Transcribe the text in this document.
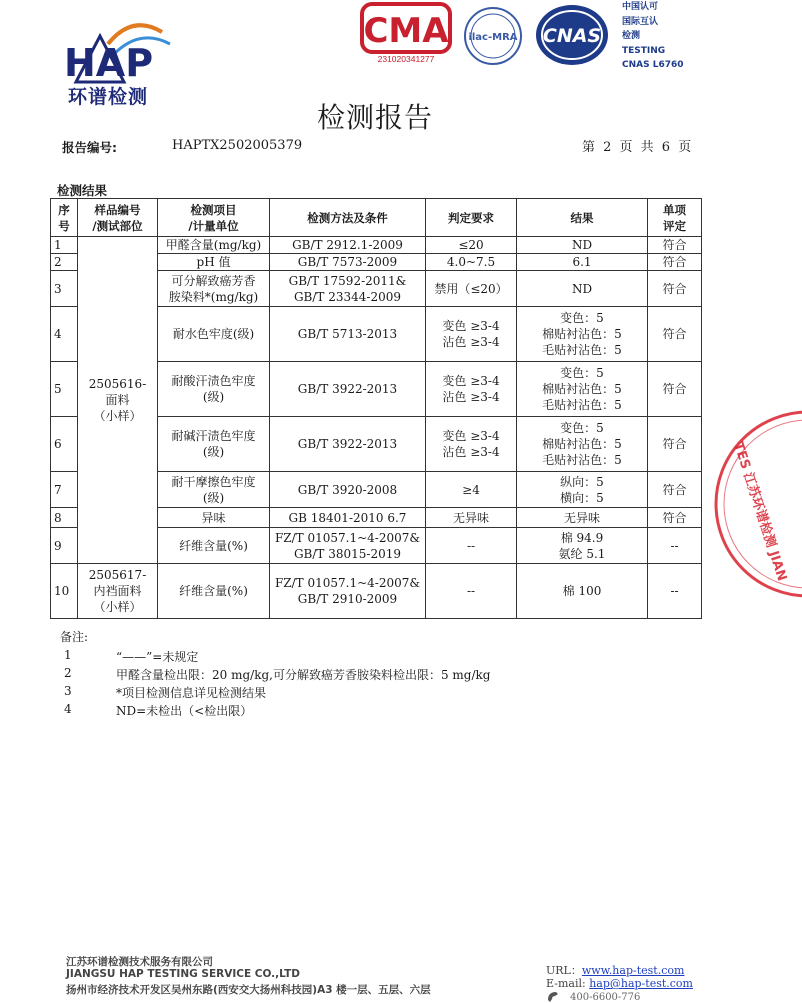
HAP
环谱检测
CMA
231020341277
ilac-MRA CNAS
中国认可
国际互认
检测
TESTING
CNAS L6760
检测报告
报告编号:	HAPTX2502005379	第 2 页 共 6 页
检测结果
序
号	样品编号
/测试部位	检测项目
/计量单位	检测方法及条件	判定要求	结果	单项
评定

1	2505616-
面料
（小样）	甲醛含量(mg/kg)	GB/T 2912.1-2009	≤20	ND	符合
2		pH 值	GB/T 7573-2009	4.0~7.5	6.1	符合
3		可分解致癌芳香
胺染料*(mg/kg)	GB/T 17592-2011&
GB/T 23344-2009	禁用（≤20）	ND	符合
4		耐水色牢度(级)	GB/T 5713-2013	变色 ≥3-4
沾色 ≥3-4	变色：5
棉贴衬沾色：5
毛贴衬沾色：5	符合
5		耐酸汗渍色牢度
(级)	GB/T 3922-2013	变色 ≥3-4
沾色 ≥3-4	变色：5
棉贴衬沾色：5
毛贴衬沾色：5	符合
6		耐碱汗渍色牢度
(级)	GB/T 3922-2013	变色 ≥3-4
沾色 ≥3-4	变色：5
棉贴衬沾色：5
毛贴衬沾色：5	符合
7		耐干摩擦色牢度
(级)	GB/T 3920-2008	≥4	纵向：5
横向：5	符合
8		异味	GB 18401-2010 6.7	无异味	无异味	符合
9		纤维含量(%)	FZ/T 01057.1~4-2007&
GB/T 38015-2019	--	棉 94.9
氨纶 5.1	--
10	2505617-
内裆面料
（小样）	纤维含量(%)	FZ/T 01057.1~4-2007&
GB/T 2910-2009	--	棉 100	--
备注:
1	“——”=未规定
2	甲醛含量检出限：20 mg/kg,可分解致癌芳香胺染料检出限：5 mg/kg
3	*项目检测信息详见检测结果
4	ND=未检出（<检出限）
TES 江苏环谱检测 JIAN
江苏环谱检测技术服务有限公司
JIANGSU HAP TESTING SERVICE CO.,LTD
扬州市经济技术开发区吴州东路(西安交大扬州科技园)A3 楼一层、五层、六层
URL：www.hap-test.com
E-mail: hap@hap-test.com
400-6600-776
